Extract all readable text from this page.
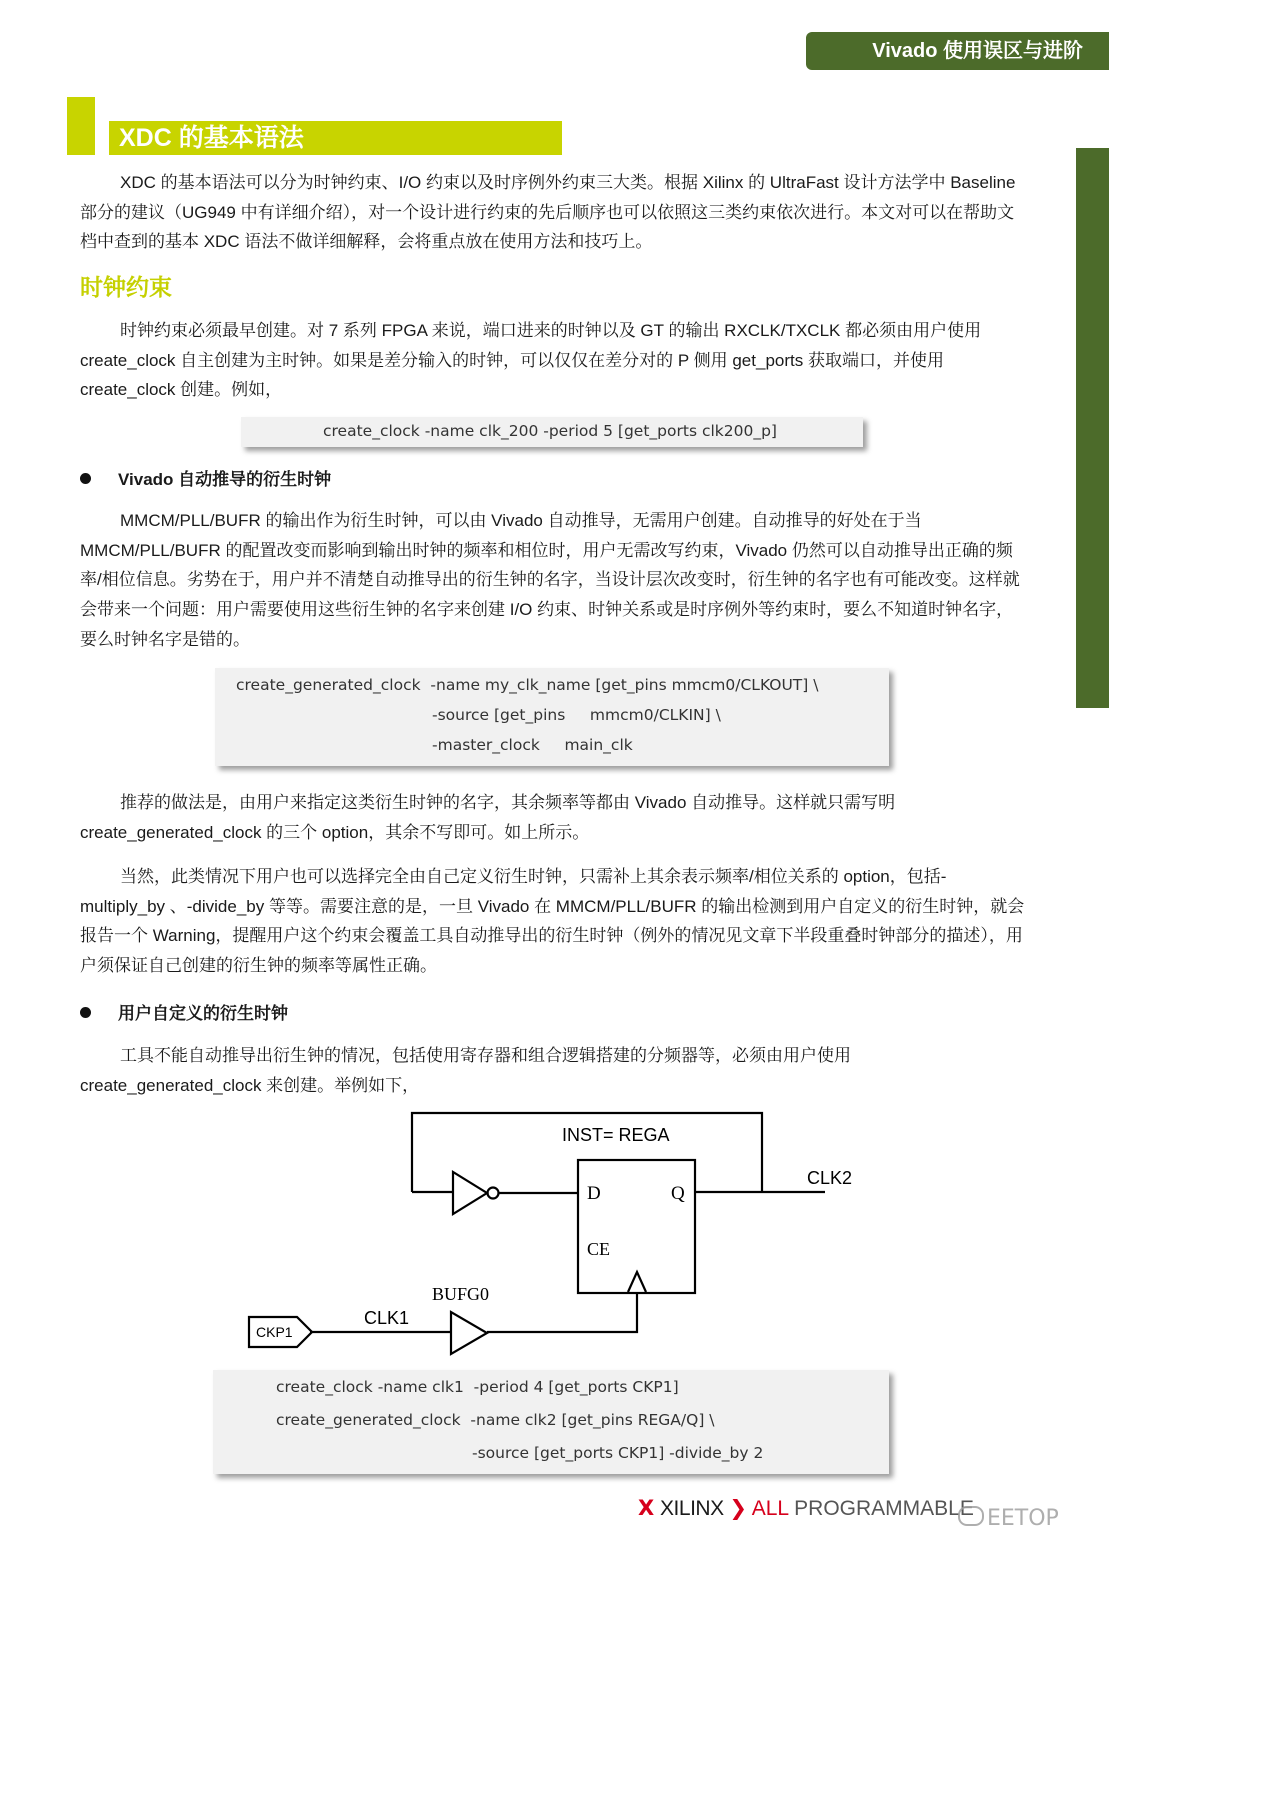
Vivado 使用误区与进阶
XDC 的基本语法

XDC 的基本语法可以分为时钟约束、I/O 约束以及时序例外约束三大类。根据 Xilinx 的 UltraFast 设计方法学中 Baseline 部分的建议（UG949 中有详细介绍），对一个设计进行约束的先后顺序也可以依照这三类约束依次进行。本文对可以在帮助文档中查到的基本 XDC 语法不做详细解释，会将重点放在使用方法和技巧上。

时钟约束

时钟约束必须最早创建。对 7 系列 FPGA 来说，端口进来的时钟以及 GT 的输出 RXCLK/TXCLK 都必须由用户使用 create_clock 自主创建为主时钟。如果是差分输入的时钟，可以仅仅在差分对的 P 侧用 get_ports 获取端口，并使用 create_clock 创建。例如，

create_clock -name clk_200 -period 5 [get_ports clk200_p]

Vivado 自动推导的衍生时钟

MMCM/PLL/BUFR 的输出作为衍生时钟，可以由 Vivado 自动推导，无需用户创建。自动推导的好处在于当 MMCM/PLL/BUFR 的配置改变而影响到输出时钟的频率和相位时，用户无需改写约束，Vivado 仍然可以自动推导出正确的频率/相位信息。劣势在于，用户并不清楚自动推导出的衍生钟的名字，当设计层次改变时，衍生钟的名字也有可能改变。这样就会带来一个问题：用户需要使用这些衍生钟的名字来创建 I/O 约束、时钟关系或是时序例外等约束时，要么不知道时钟名字，要么时钟名字是错的。

create_generated_clock  -name my_clk_name [get_pins mmcm0/CLKOUT] \
-source [get_pins     mmcm0/CLKIN] \
-master_clock     main_clk

推荐的做法是，由用户来指定这类衍生时钟的名字，其余频率等都由 Vivado 自动推导。这样就只需写明 create_generated_clock 的三个 option，其余不写即可。如上所示。

当然，此类情况下用户也可以选择完全由自己定义衍生时钟，只需补上其余表示频率/相位关系的 option，包括-multiply_by 、-divide_by 等等。需要注意的是，一旦 Vivado 在 MMCM/PLL/BUFR 的输出检测到用户自定义的衍生时钟，就会报告一个 Warning，提醒用户这个约束会覆盖工具自动推导出的衍生时钟（例外的情况见文章下半段重叠时钟部分的描述），用户须保证自己创建的衍生钟的频率等属性正确。

用户自定义的衍生时钟

工具不能自动推导出衍生钟的情况，包括使用寄存器和组合逻辑搭建的分频器等，必须由用户使用 create_generated_clock 来创建。举例如下，

INST= REGA
D	Q
CE
CLK2
BUFG0
CLK1
CKP1
create_clock -name clk1  -period 4 [get_ports CKP1]
create_generated_clock  -name clk2 [get_pins REGA/Q] \
-source [get_ports CKP1] -divide_by 2
ꓫ XILINX ❯ ALL PROGRAMMABLE EETOP
